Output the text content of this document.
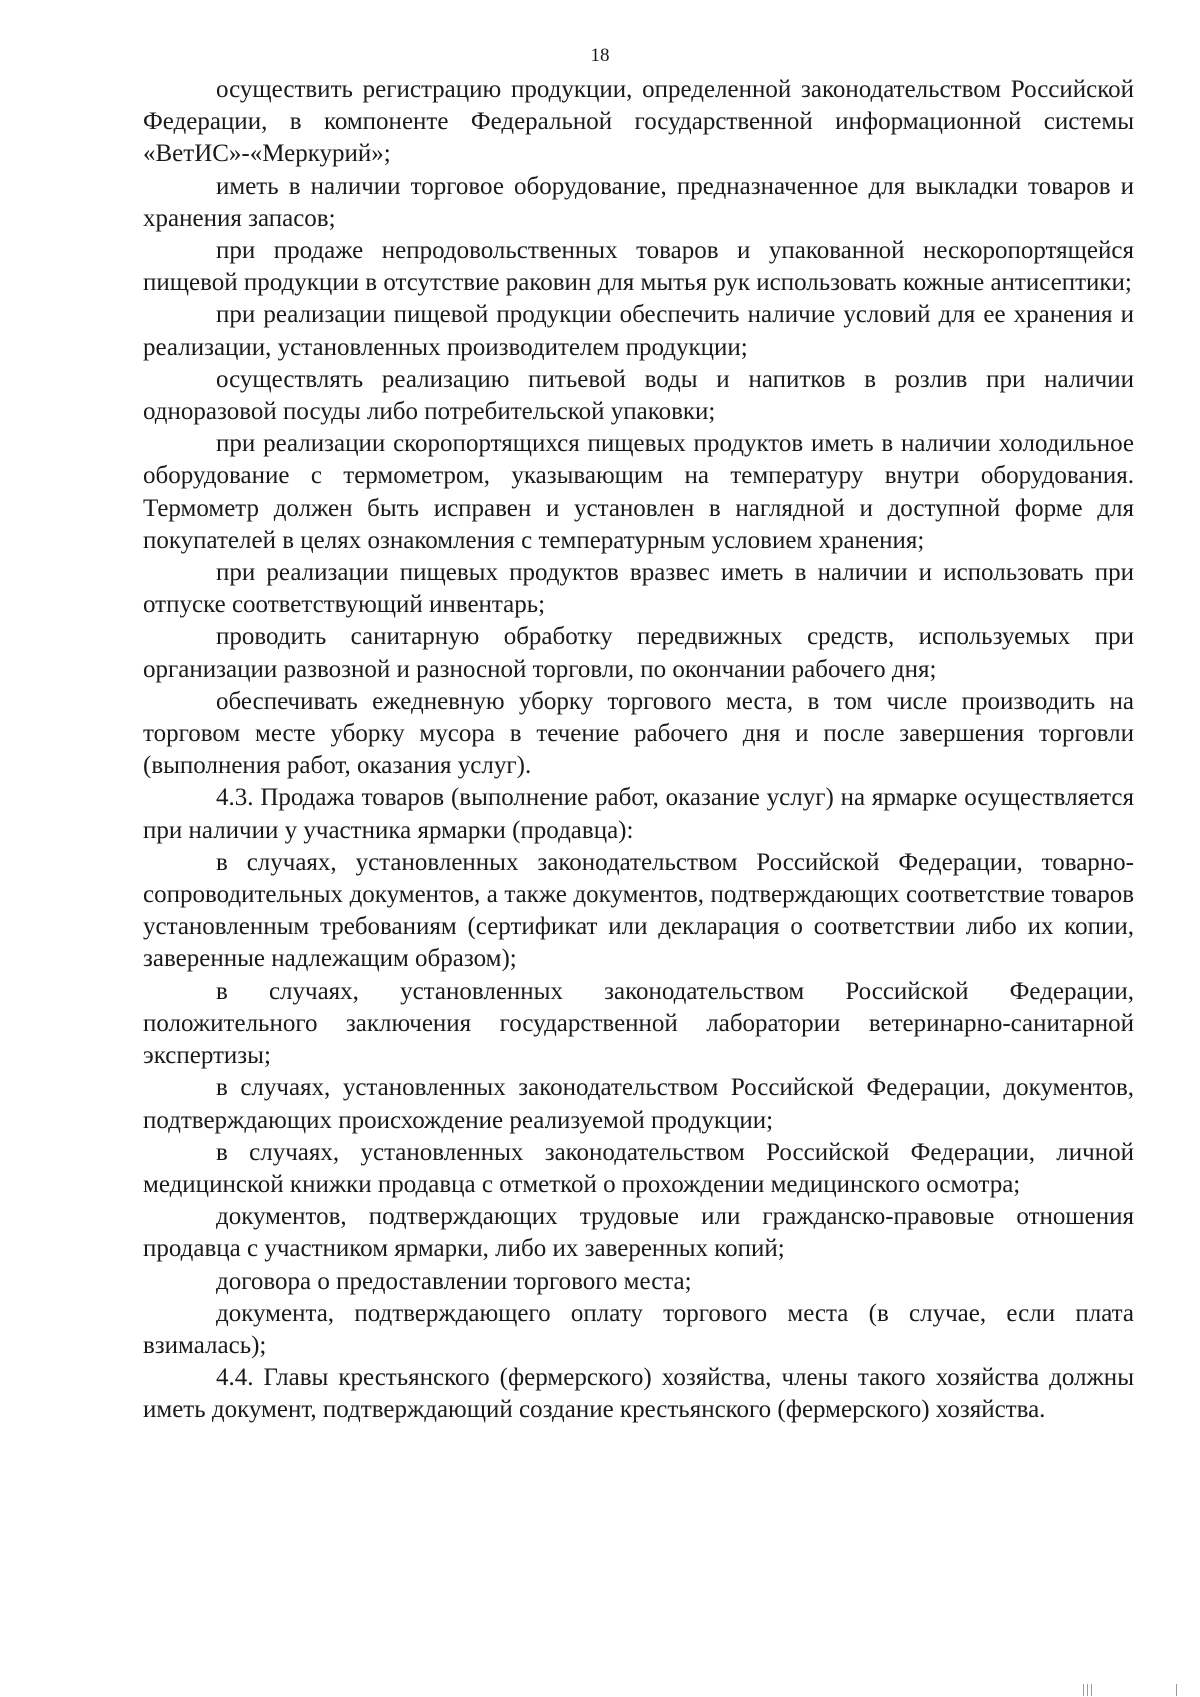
18

осуществить регистрацию продукции, определенной законодательством Российской Федерации, в компоненте Федеральной государственной информационной системы «ВетИС»-«Меркурий»;

иметь в наличии торговое оборудование, предназначенное для выкладки товаров и хранения запасов;

при продаже непродовольственных товаров и упакованной нескоропортящейся пищевой продукции в отсутствие раковин для мытья рук использовать кожные антисептики;

при реализации пищевой продукции обеспечить наличие условий для ее хранения и реализации, установленных производителем продукции;

осуществлять реализацию питьевой воды и напитков в розлив при наличии одноразовой посуды либо потребительской упаковки;

при реализации скоропортящихся пищевых продуктов иметь в наличии холодильное оборудование с термометром, указывающим на температуру внутри оборудования. Термометр должен быть исправен и установлен в наглядной и доступной форме для покупателей в целях ознакомления с температурным условием хранения;

при реализации пищевых продуктов вразвес иметь в наличии и использовать при отпуске соответствующий инвентарь;

проводить санитарную обработку передвижных средств, используемых при организации развозной и разносной торговли, по окончании рабочего дня;

обеспечивать ежедневную уборку торгового места, в том числе производить на торговом месте уборку мусора в течение рабочего дня и после завершения торговли (выполнения работ, оказания услуг).

4.3. Продажа товаров (выполнение работ, оказание услуг) на ярмарке осуществляется при наличии у участника ярмарки (продавца):

в случаях, установленных законодательством Российской Федерации, товарно-сопроводительных документов, а также документов, подтверждающих соответствие товаров установленным требованиям (сертификат или декларация о соответствии либо их копии, заверенные надлежащим образом);

в случаях, установленных законодательством Российской Федерации, положительного заключения государственной лаборатории ветеринарно-санитарной экспертизы;

в случаях, установленных законодательством Российской Федерации, документов, подтверждающих происхождение реализуемой продукции;

в случаях, установленных законодательством Российской Федерации, личной медицинской книжки продавца с отметкой о прохождении медицинского осмотра;

документов, подтверждающих трудовые или гражданско-правовые отношения продавца с участником ярмарки, либо их заверенных копий;

договора о предоставлении торгового места;

документа, подтверждающего оплату торгового места (в случае, если плата взималась);

4.4. Главы крестьянского (фермерского) хозяйства, члены такого хозяйства должны иметь документ, подтверждающий создание крестьянского (фермерского) хозяйства.
